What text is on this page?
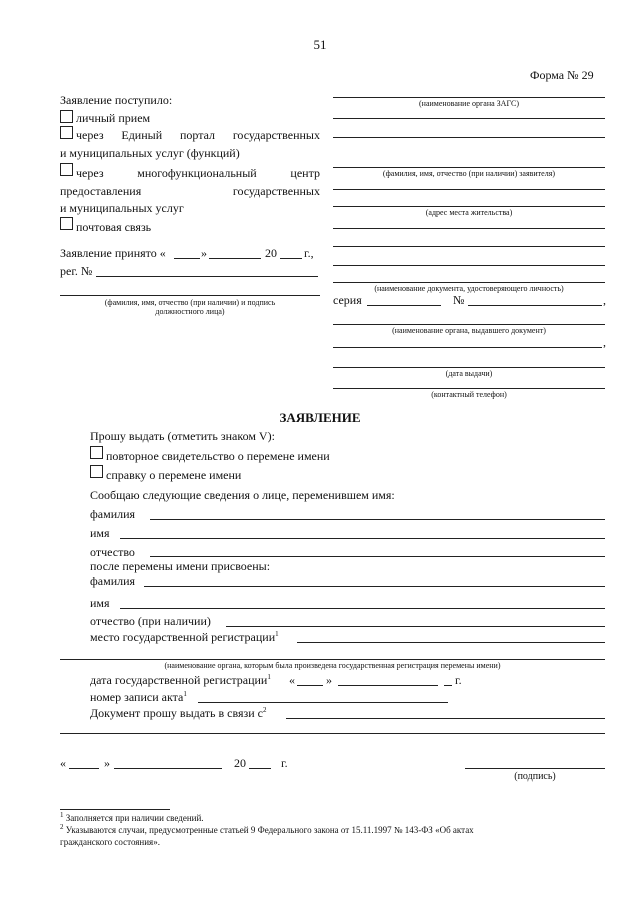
51
Форма № 29
Заявление поступило:
личный прием
через Единый портал государственных
и муниципальных услуг (функций)
через	многофункциональный	центр
предоставления	государственных
и муниципальных услуг
почтовая связь
Заявление принято «	»	20 г.,
рег. №
(фамилия, имя, отчество (при наличии) и подпись
должностного лица)
(наименование органа ЗАГС)
(фамилия, имя, отчество (при наличии) заявителя)
(адрес места жительства)
(наименование документа, удостоверяющего личность)
серия	№	,
(наименование органа, выдавшего документ)
,
(дата выдачи)
(контактный телефон)
ЗАЯВЛЕНИЕ
Прошу выдать (отметить знаком V):
повторное свидетельство о перемене имени
справку о перемене имени
Сообщаю следующие сведения о лице, переменившем имя:
фамилия
имя
отчество
после перемены имени присвоены:
фамилия
имя
отчество (при наличии)
место государственной регистрации$^1$
(наименование органа, которым была произведена государственная регистрация перемены имени)
дата государственной регистрации$^1$ «	»	г.
номер записи акта$^1$
Документ прошу выдать в связи $с^2$
«	»	20	г.
(подпись)
$^1$ Заполняется при наличии сведений.
$^2$ Указываются случаи, предусмотренные статьей 9 Федерального закона от 15.11.1997 № 143-ФЗ «Об актах
гражданского состояния».
